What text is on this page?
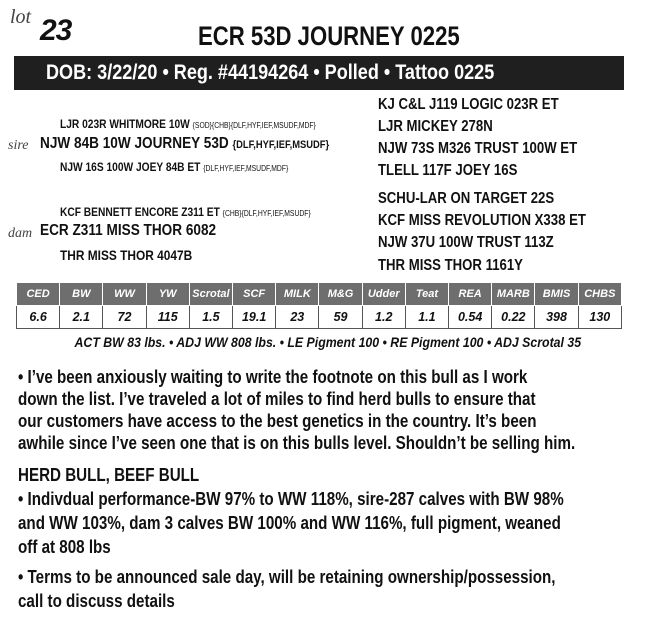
lot 23	ECR 53D JOURNEY 0225
DOB: 3/22/20 • Reg. #44194264 • Polled • Tattoo 0225
LJR 023R WHITMORE 10W {SOD}{CHB}{DLF,HYF,IEF,MSUDF,MDF}
sire NJW 84B 10W JOURNEY 53D {DLF,HYF,IEF,MSUDF}
NJW 16S 100W JOEY 84B ET {DLF,HYF,IEF,MSUDF,MDF}
KCF BENNETT ENCORE Z311 ET {CHB}{DLF,HYF,IEF,MSUDF}
dam ECR Z311 MISS THOR 6082
THR MISS THOR 4047B
KJ C&L J119 LOGIC 023R ET
LJR MICKEY 278N
NJW 73S M326 TRUST 100W ET
TLELL 117F JOEY 16S
SCHU-LAR ON TARGET 22S
KCF MISS REVOLUTION X338 ET
NJW 37U 100W TRUST 113Z
THR MISS THOR 1161Y
CED	BW	WW	YW	Scrotal	SCF	MILK	M&G	Udder	Teat	REA	MARB	BMIS	CHBS
6.6	2.1	72	115	1.5	19.1	23	59	1.2	1.1	0.54	0.22	398	130
ACT BW 83 lbs. • ADJ WW 808 lbs. • LE Pigment 100 • RE Pigment 100 • ADJ Scrotal 35
• I’ve been anxiously waiting to write the footnote on this bull as I work
down the list. I’ve traveled a lot of miles to find herd bulls to ensure that
our customers have access to the best genetics in the country. It’s been
awhile since I’ve seen one that is on this bulls level. Shouldn’t be selling him.
HERD BULL, BEEF BULL
• Indivdual performance-BW 97% to WW 118%, sire-287 calves with BW 98%
and WW 103%, dam 3 calves BW 100% and WW 116%, full pigment, weaned
off at 808 lbs
• Terms to be announced sale day, will be retaining ownership/possession,
call to discuss details
